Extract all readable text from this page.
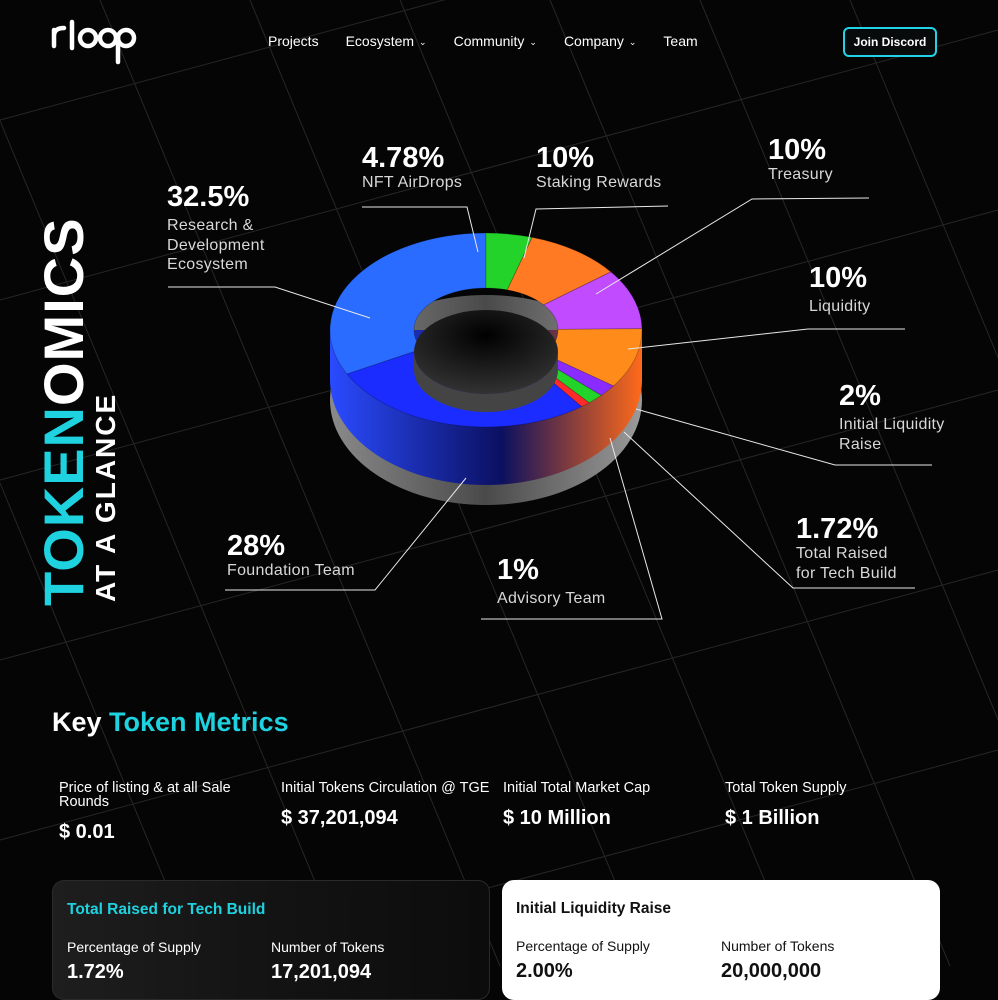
Projects Ecosystem ⌄ Community ⌄ Company ⌄ Team	Join Discord
TOKENOMICS
AT A GLANCE
32.5%
Research &
Development
Ecosystem
4.78%
NFT AirDrops
10%
Staking Rewards
10%
Treasury
10%
Liquidity
2%
Initial Liquidity
Raise
1.72%
Total Raised
for Tech Build
1%
Advisory Team
28%
Foundation Team
Key Token Metrics
Price of listing & at all Sale Rounds
$ 0.01
Initial Tokens Circulation @ TGE
$ 37,201,094
Initial Total Market Cap
$ 10 Million
Total Token Supply
$ 1 Billion
Total Raised for Tech Build
Percentage of Supply
1.72%
Number of Tokens
17,201,094
Initial Liquidity Raise
Percentage of Supply
2.00%
Number of Tokens
20,000,000
